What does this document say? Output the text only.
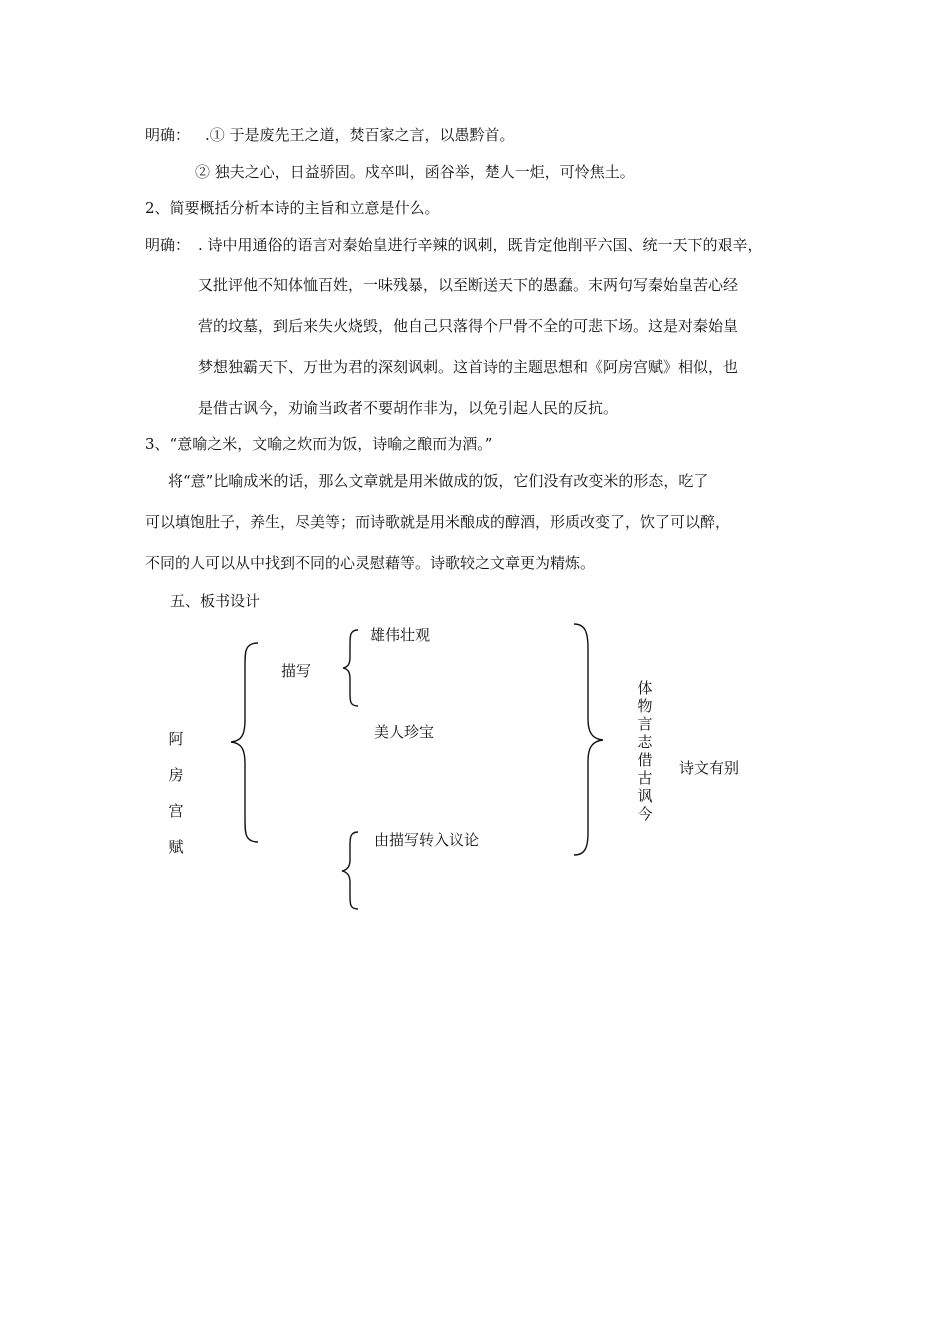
明确： .① 于是废先王之道，焚百家之言，以愚黔首。
② 独夫之心，日益骄固。戍卒叫，函谷举，楚人一炬，可怜焦土。
2、简要概括分析本诗的主旨和立意是什么。
明确： . 诗中用通俗的语言对秦始皇进行辛辣的讽刺，既肯定他削平六国、统一天下的艰辛，
又批评他不知体恤百姓，一味残暴，以至断送天下的愚蠢。末两句写秦始皇苦心经
营的坟墓，到后来失火烧毁，他自己只落得个尸骨不全的可悲下场。这是对秦始皇
梦想独霸天下、万世为君的深刻讽刺。这首诗的主题思想和《阿房宫赋》相似，也
是借古讽今，劝谕当政者不要胡作非为，以免引起人民的反抗。
3、“意喻之米，文喻之炊而为饭，诗喻之酿而为酒。”
将“意”比喻成米的话，那么文章就是用米做成的饭，它们没有改变米的形态，吃了
可以填饱肚子，养生，尽美等；而诗歌就是用米酿成的醇酒，形质改变了，饮了可以醉，
不同的人可以从中找到不同的心灵慰藉等。诗歌较之文章更为精炼。
五、板书设计
阿房宫赋
描写
雄伟壮观
美人珍宝
由描写转入议论
体物言志借古讽今
诗文有别
